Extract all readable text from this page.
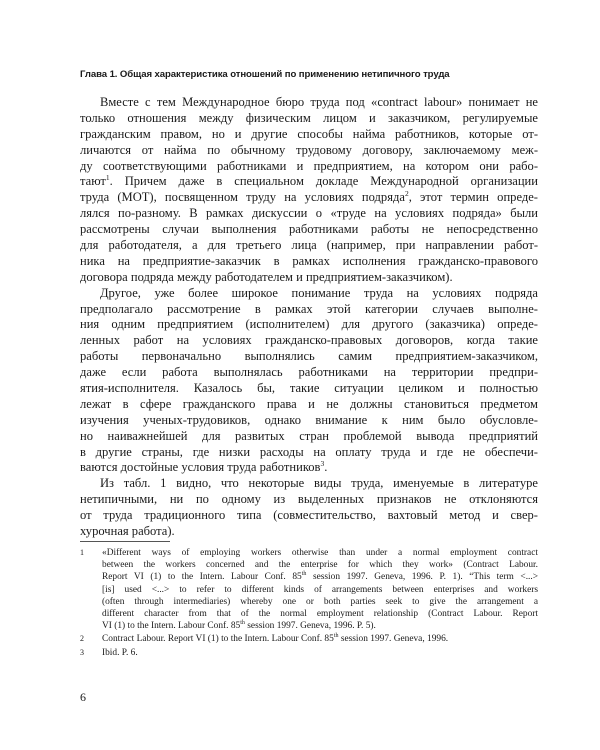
Глава 1. Общая характеристика отношений по применению нетипичного труда
Вместе с тем Международное бюро труда под «contract labour» понимает не
только отношения между физическим лицом и заказчиком, регулируемые
гражданским правом, но и другие способы найма работников, которые от-
личаются от найма по обычному трудовому договору, заключаемому меж-
ду соответствующими работниками и предприятием, на котором они рабо-
тают$^1$. Причем даже в специальном докладе Международной организации
труда (МОТ), посвященном труду на условиях подряда$^2$, этот термин опреде-
лялся по-разному. В рамках дискуссии о «труде на условиях подряда» были
рассмотрены случаи выполнения работниками работы не непосредственно
для работодателя, а для третьего лица (например, при направлении работ-
ника на предприятие-заказчик в рамках исполнения гражданско-правового
договора подряда между работодателем и предприятием-заказчиком).
Другое, уже более широкое понимание труда на условиях подряда
предполагало рассмотрение в рамках этой категории случаев выполне-
ния одним предприятием (исполнителем) для другого (заказчика) опреде-
ленных работ на условиях гражданско-правовых договоров, когда такие
работы первоначально выполнялись самим предприятием-заказчиком,
даже если работа выполнялась работниками на территории предпри-
ятия-исполнителя. Казалось бы, такие ситуации целиком и полностью
лежат в сфере гражданского права и не должны становиться предметом
изучения ученых-трудовиков, однако внимание к ним было обусловле-
но наиважнейшей для развитых стран проблемой вывода предприятий
в другие страны, где низки расходы на оплату труда и где не обеспечи-
ваются достойные условия труда работников$^3$.
Из табл. 1 видно, что некоторые виды труда, именуемые в литературе
нетипичными, ни по одному из выделенных признаков не отклоняются
от труда традиционного типа (совместительство, вахтовый метод и свер-
хурочная работа).
1 «Different ways of employing workers otherwise than under a normal employment contract
between the workers concerned and the enterprise for which they work» (Contract Labour.
Report VI (1) to the Intern. Labour Conf. 85th session 1997. Geneva, 1996. P. 1). “This term <...>
[is] used <...> to refer to different kinds of arrangements between enterprises and workers
(often through intermediaries) whereby one or both parties seek to give the arrangement a
different character from that of the normal employment relationship (Contract Labour. Report
VI (1) to the Intern. Labour Conf. 85th session 1997. Geneva, 1996. P. 5).
2 Contract Labour. Report VI (1) to the Intern. Labour Conf. 85th session 1997. Geneva, 1996.
3 Ibid. P. 6.
6
